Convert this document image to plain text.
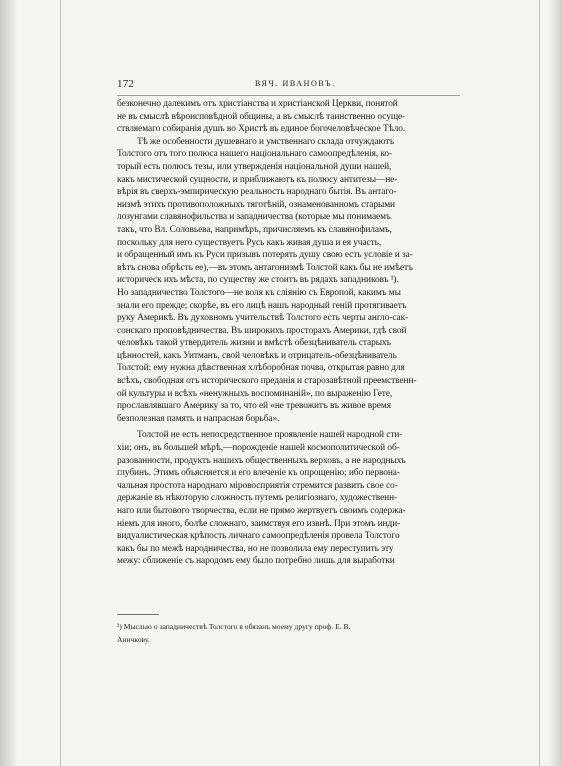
172	ВЯЧ. ИВАНОВЪ.
безконечно далекимъ отъ христіанства и христіанской Церкви, понятой
не въ смыслѣ вѣроисповѣдной общины, а въ смыслѣ таинственно осуще-
ствляемаго собиранія душъ во Христѣ въ единое богочеловѣческое Тѣло.
Тѣ же особенности душевнаго и умственнаго склада отчуждаютъ
Толстого отъ того полюса нашего національнаго самоопредѣленія, ко-
торый есть полюсъ тезы, или утвержденія національной души нашей,
какъ мистической сущности, и приближаютъ къ полюсу антитезы—не-
вѣрія въ сверхъ-эмпирическую реальность народнаго бытія. Въ антаго-
низмѣ этихъ противоположныхъ тяготѣній, ознаменованномъ старыми
лозунгами славянофильства и западничества (которые мы понимаемъ
такъ, что Вл. Соловьева, напримѣръ, причисляемъ къ славянофиламъ,
поскольку для него существуетъ Русь какъ живая душа и ея участь,
и обращенный имъ къ Руси призывъ потерять душу свою есть условіе и за-
вѣтъ снова обрѣсть ее),—въ этомъ антагонизмѣ Толстой какъ бы не имѣетъ
историческ ихъ мѣста, по существу же стоитъ въ рядахъ западниковъ ¹).
Но западничество Толстого—не воля къ сліянію съ Европой, какимъ мы
знали его прежде; скорѣе, въ его лицѣ нашъ народный геній протягиваетъ
руку Америкѣ. Въ духовномъ учительствѣ Толстого есть черты англо-сак-
сонскаго проповѣдничества. Въ широкихъ просторахъ Америки, гдѣ свой
человѣкъ такой утвердитель жизни и вмѣстѣ обезцѣниватель старыхъ
цѣнностей, какъ Уитманъ, свой человѣкъ и отрицатель-обезцѣниватель
Толстой: ему нужна дѣвственная хлѣборобная почва, открытая равно для
всѣхъ, свободная отъ исторического преданія и старозавѣтной преемственн-
ой культуры и всѣхъ «ненужныхъ воспоминаній», по выраженію Гете,
прославлявшаго Америку за то, что ей «не тревожитъ въ живое время
безполезная память и напрасная борьба».
Толстой не есть непосредственное проявленіе нашей народной сти-
хіи; онъ, въ большей мѣрѣ,—порожденіе нашей космополитической об-
разованности, продуктъ нашихъ общественныхъ верховъ, а не народныхъ
глубинъ. Этимъ объясняется и его влеченіе къ опрощенію; ибо первона-
чальная простота народнаго міровосприятія стремится развить свое со-
держаніе въ нѣкоторую сложность путемъ религіознаго, художественн-
наго или бытового творчества, если не прямо жертвуетъ своимъ содержа-
ніемъ для иного, болѣе сложнаго, заимствуя его извнѣ. При этомъ инди-
видуалистическая крѣпость личнаго самоопредѣленія провела Толстого
какъ бы по межѣ народничества, но не позволила ему переступить эту
межу: сближеніе съ народомъ ему было потребно лишь для выработки
¹) Мыслью о западничествѣ Толстого я обязанъ моему другу проф. Е. В.
Аничкову.
